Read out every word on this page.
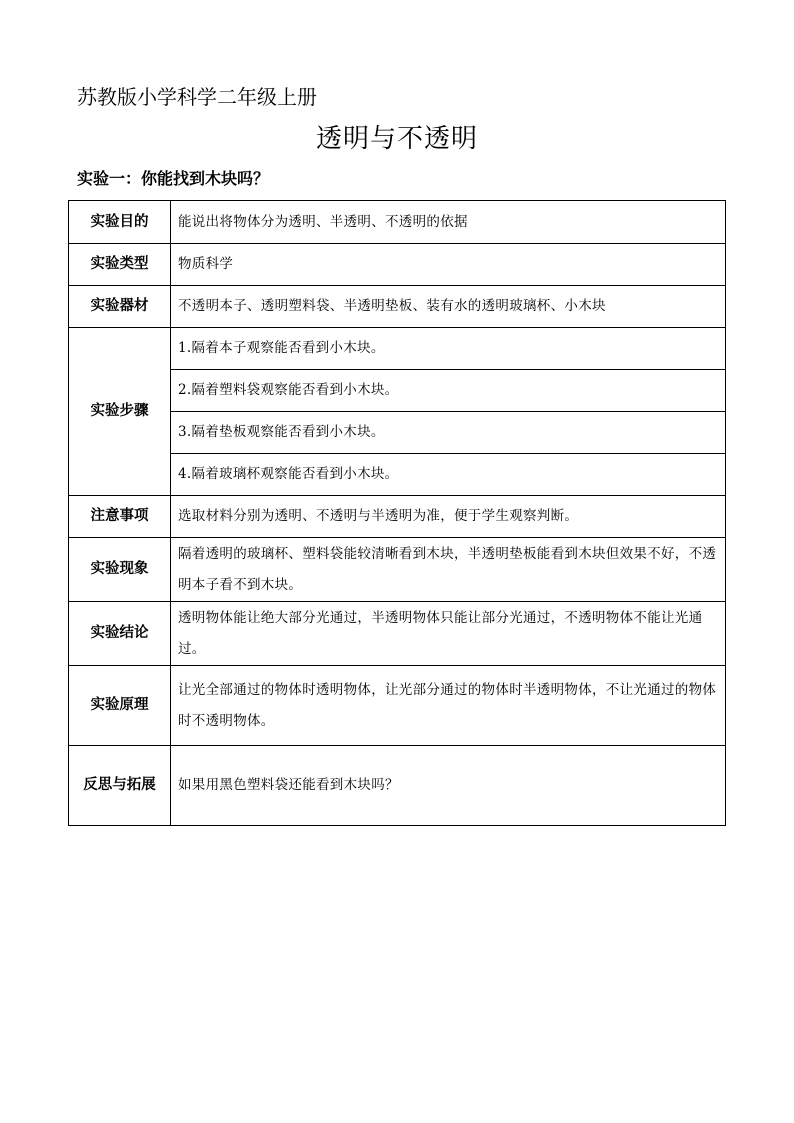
苏教版小学科学二年级上册
透明与不透明
实验一：你能找到木块吗？
实验目的	能说出将物体分为透明、半透明、不透明的依据
实验类型	物质科学
实验器材	不透明本子、透明塑料袋、半透明垫板、装有水的透明玻璃杯、小木块
实验步骤	1.隔着本子观察能否看到小木块。
	2.隔着塑料袋观察能否看到小木块。
	3.隔着垫板观察能否看到小木块。
	4.隔着玻璃杯观察能否看到小木块。
注意事项	选取材料分别为透明、不透明与半透明为准，便于学生观察判断。
实验现象	隔着透明的玻璃杯、塑料袋能较清晰看到木块，半透明垫板能看到木块但效果不好，不透明本子看不到木块。
实验结论	透明物体能让绝大部分光通过，半透明物体只能让部分光通过，不透明物体不能让光通过。
实验原理	让光全部通过的物体时透明物体，让光部分通过的物体时半透明物体，不让光通过的物体时不透明物体。
反思与拓展	如果用黑色塑料袋还能看到木块吗？
